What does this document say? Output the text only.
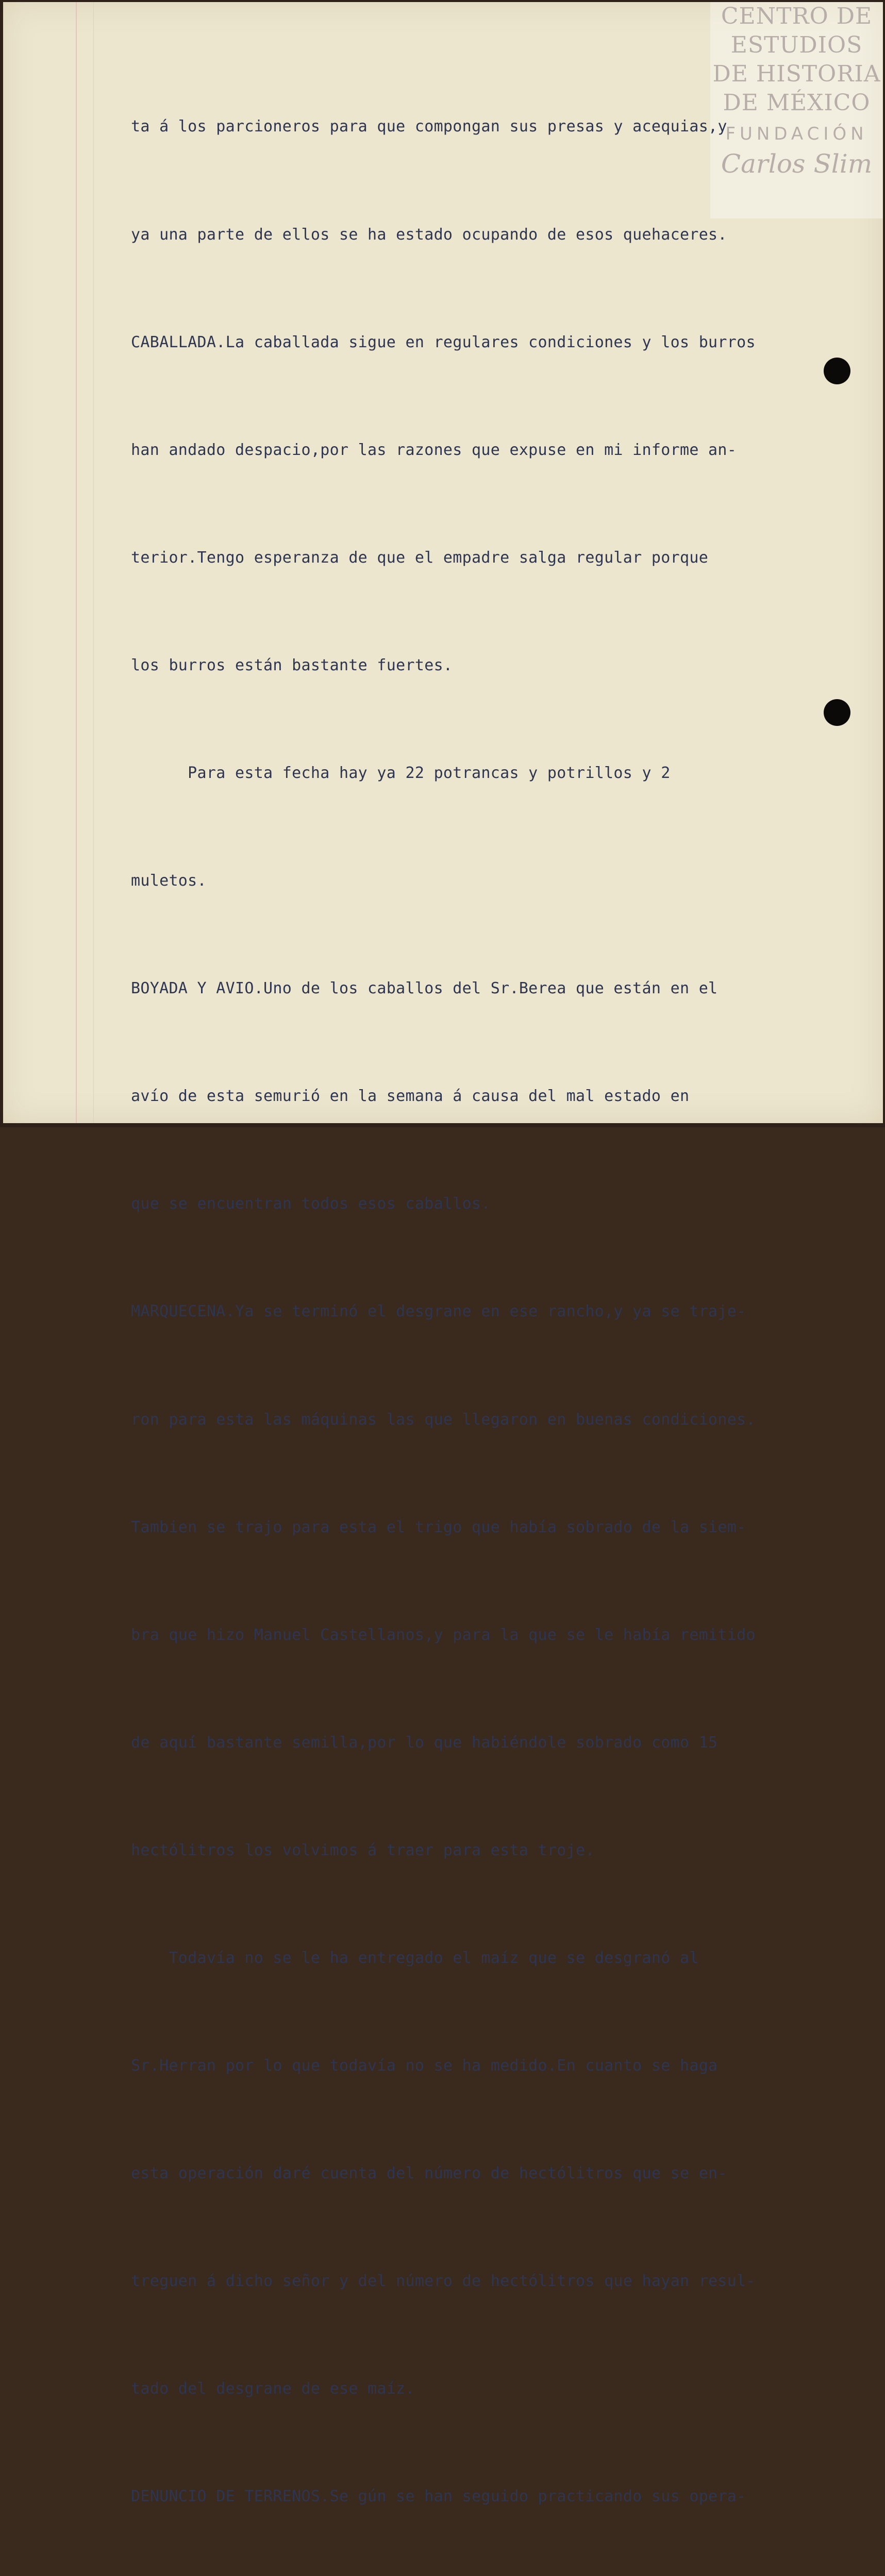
CENTRO DE
ESTUDIOS
DE HISTORIA
DE MÉXICO
FUNDACIÓN
Carlos Slim

ta á los parcioneros para que compongan sus presas y acequias,y

ya una parte de ellos se ha estado ocupando de esos quehaceres.

CABALLADA.La caballada sigue en regulares condiciones y los burros

han andado despacio,por las razones que expuse en mi informe an-

terior.Tengo esperanza de que el empadre salga regular porque

los burros están bastante fuertes.

Para esta fecha hay ya 22 potrancas y potrillos y 2

muletos.

BOYADA Y AVIO.Uno de los caballos del Sr.Berea que están en el

avío de esta semurió en la semana á causa del mal estado en

que se encuentran todos esos caballos.

MARQUECENA.Ya se terminó el desgrane en ese rancho,y ya se traje-

ron para esta las máquinas las que llegaron en buenas condiciones.

Tambien se trajo para esta el trigo que había sobrado de la siem-

bra que hizo Manuel Castellanos,y para la que se le había remitido

de aquí bastante semilla,por lo que habiéndole sobrado como 15

hectólitros los volvimos á traer para esta troje.

Todavía no se le ha entregado el maíz que se desgranó al

Sr.Herran por lo que todavía no se ha medido.En cuanto se haga

esta operación daré cuenta del número de hectólitros que se en-

treguen á dicho señor y del número de hectólitros que hayan resul-

tado del desgrane de ese maíz.

DENUNCIO DE TERRENOS.Se gún se han seguido practicando sus opera-
